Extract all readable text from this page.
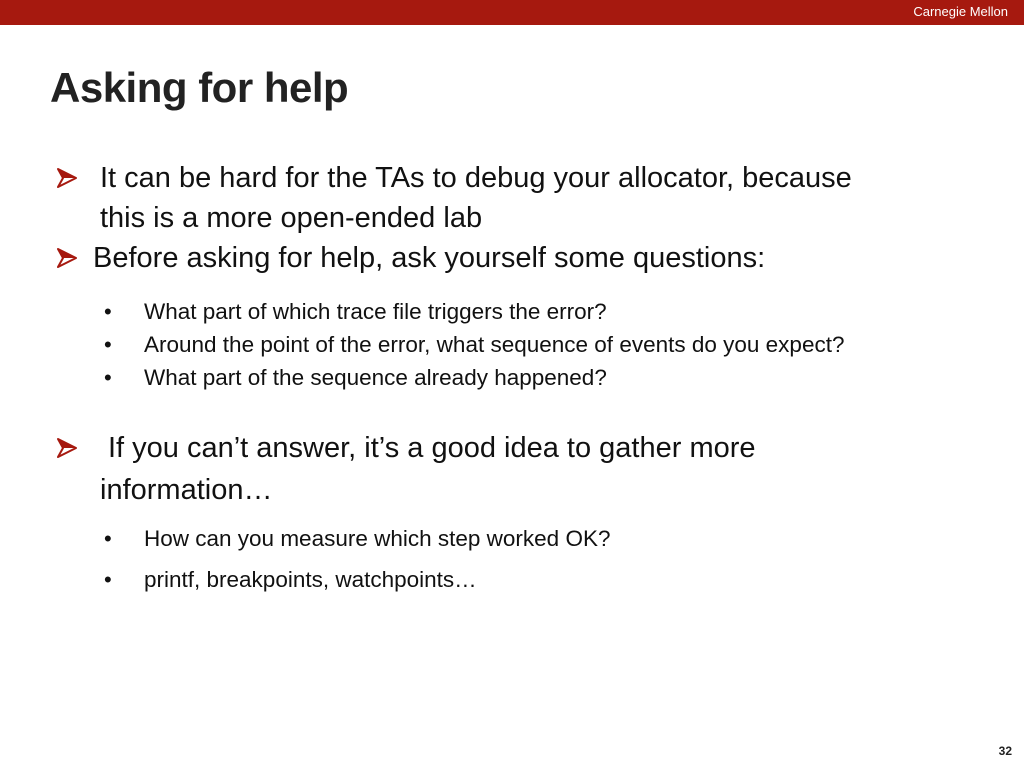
Carnegie Mellon
Asking for help
It can be hard for the TAs to debug your allocator, because
this is a more open-ended lab
Before asking for help, ask yourself some questions:
• What part of which trace file triggers the error?
• Around the point of the error, what sequence of events do you expect?
• What part of the sequence already happened?
If you can’t answer, it’s a good idea to gather more
information…
• How can you measure which step worked OK?
• printf, breakpoints, watchpoints…
32
